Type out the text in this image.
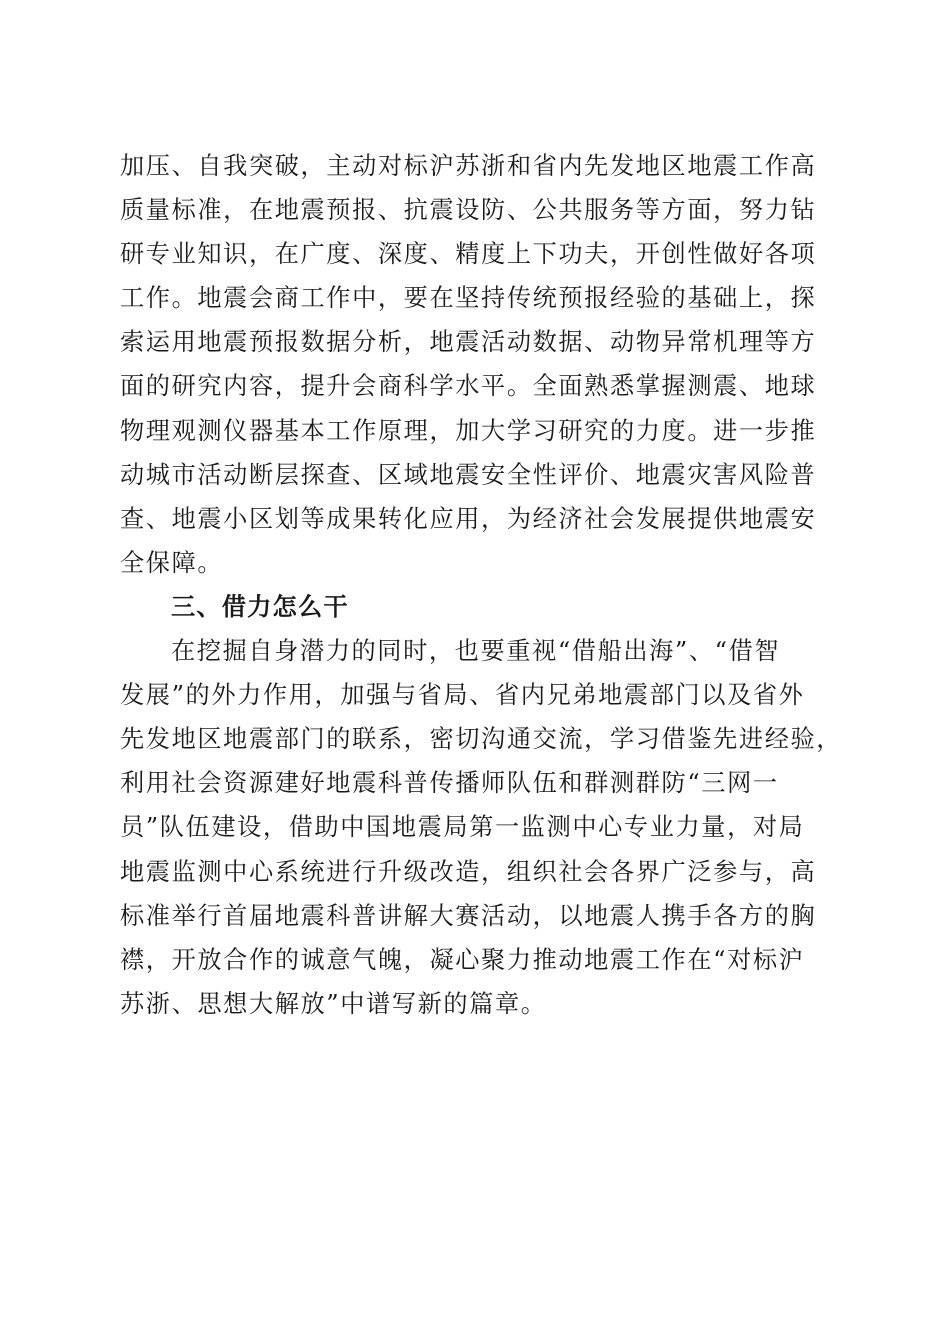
加压、自我突破，主动对标沪苏浙和省内先发地区地震工作高
质量标准，在地震预报、抗震设防、公共服务等方面，努力钻
研专业知识，在广度、深度、精度上下功夫，开创性做好各项
工作。地震会商工作中，要在坚持传统预报经验的基础上，探
索运用地震预报数据分析，地震活动数据、动物异常机理等方
面的研究内容，提升会商科学水平。全面熟悉掌握测震、地球
物理观测仪器基本工作原理，加大学习研究的力度。进一步推
动城市活动断层探查、区域地震安全性评价、地震灾害风险普
查、地震小区划等成果转化应用，为经济社会发展提供地震安
全保障。
三、借力怎么干
在挖掘自身潜力的同时，也要重视“借船出海”、“借智
发展”的外力作用，加强与省局、省内兄弟地震部门以及省外
先发地区地震部门的联系，密切沟通交流，学习借鉴先进经验，
利用社会资源建好地震科普传播师队伍和群测群防“三网一
员”队伍建设，借助中国地震局第一监测中心专业力量，对局
地震监测中心系统进行升级改造，组织社会各界广泛参与，高
标准举行首届地震科普讲解大赛活动，以地震人携手各方的胸
襟，开放合作的诚意气魄，凝心聚力推动地震工作在“对标沪
苏浙、思想大解放”中谱写新的篇章。
